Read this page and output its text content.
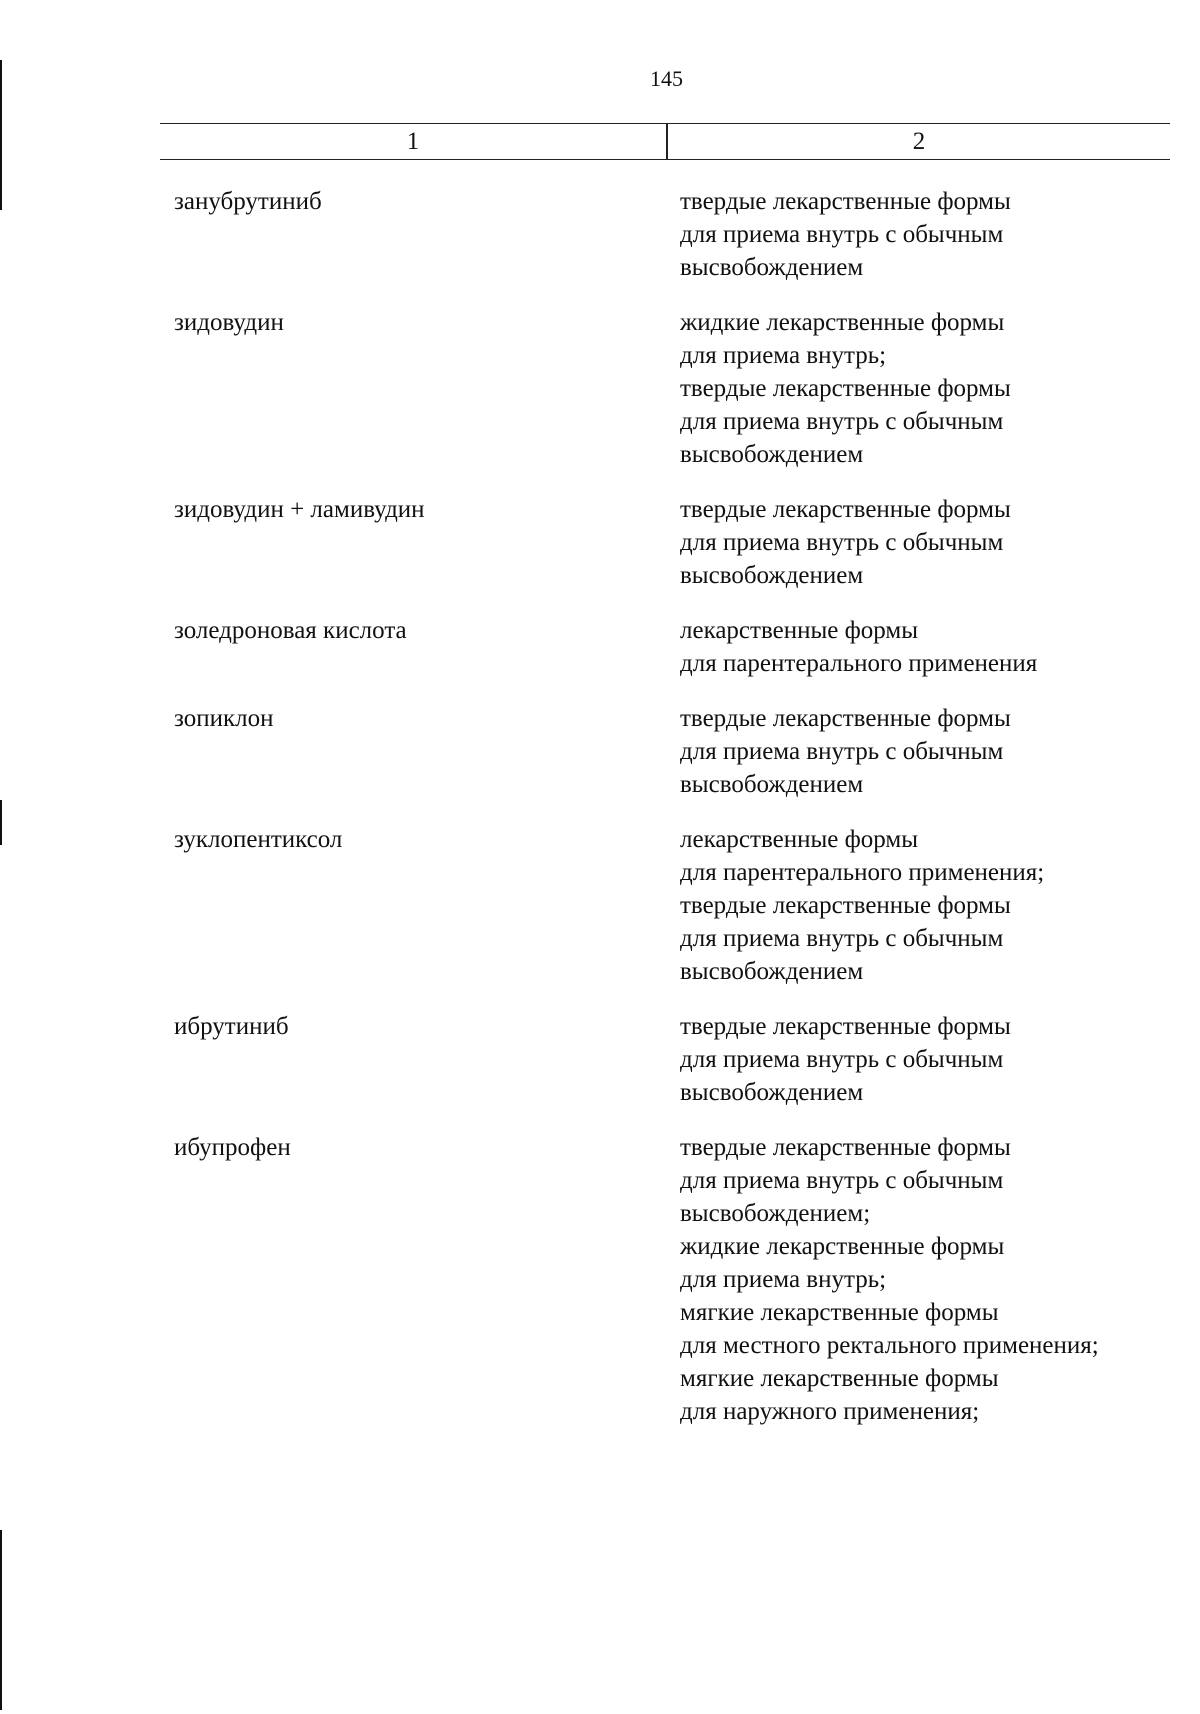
145
1	2
занубрутиниб	твердые лекарственные формы
для приема внутрь с обычным
высвобождением
зидовудин	жидкие лекарственные формы
для приема внутрь;
твердые лекарственные формы
для приема внутрь с обычным
высвобождением
зидовудин + ламивудин	твердые лекарственные формы
для приема внутрь с обычным
высвобождением
золедроновая кислота	лекарственные формы
для парентерального применения
зопиклон	твердые лекарственные формы
для приема внутрь с обычным
высвобождением
зуклопентиксол	лекарственные формы
для парентерального применения;
твердые лекарственные формы
для приема внутрь с обычным
высвобождением
ибрутиниб	твердые лекарственные формы
для приема внутрь с обычным
высвобождением
ибупрофен	твердые лекарственные формы
для приема внутрь с обычным
высвобождением;
жидкие лекарственные формы
для приема внутрь;
мягкие лекарственные формы
для местного ректального применения;
мягкие лекарственные формы
для наружного применения;
